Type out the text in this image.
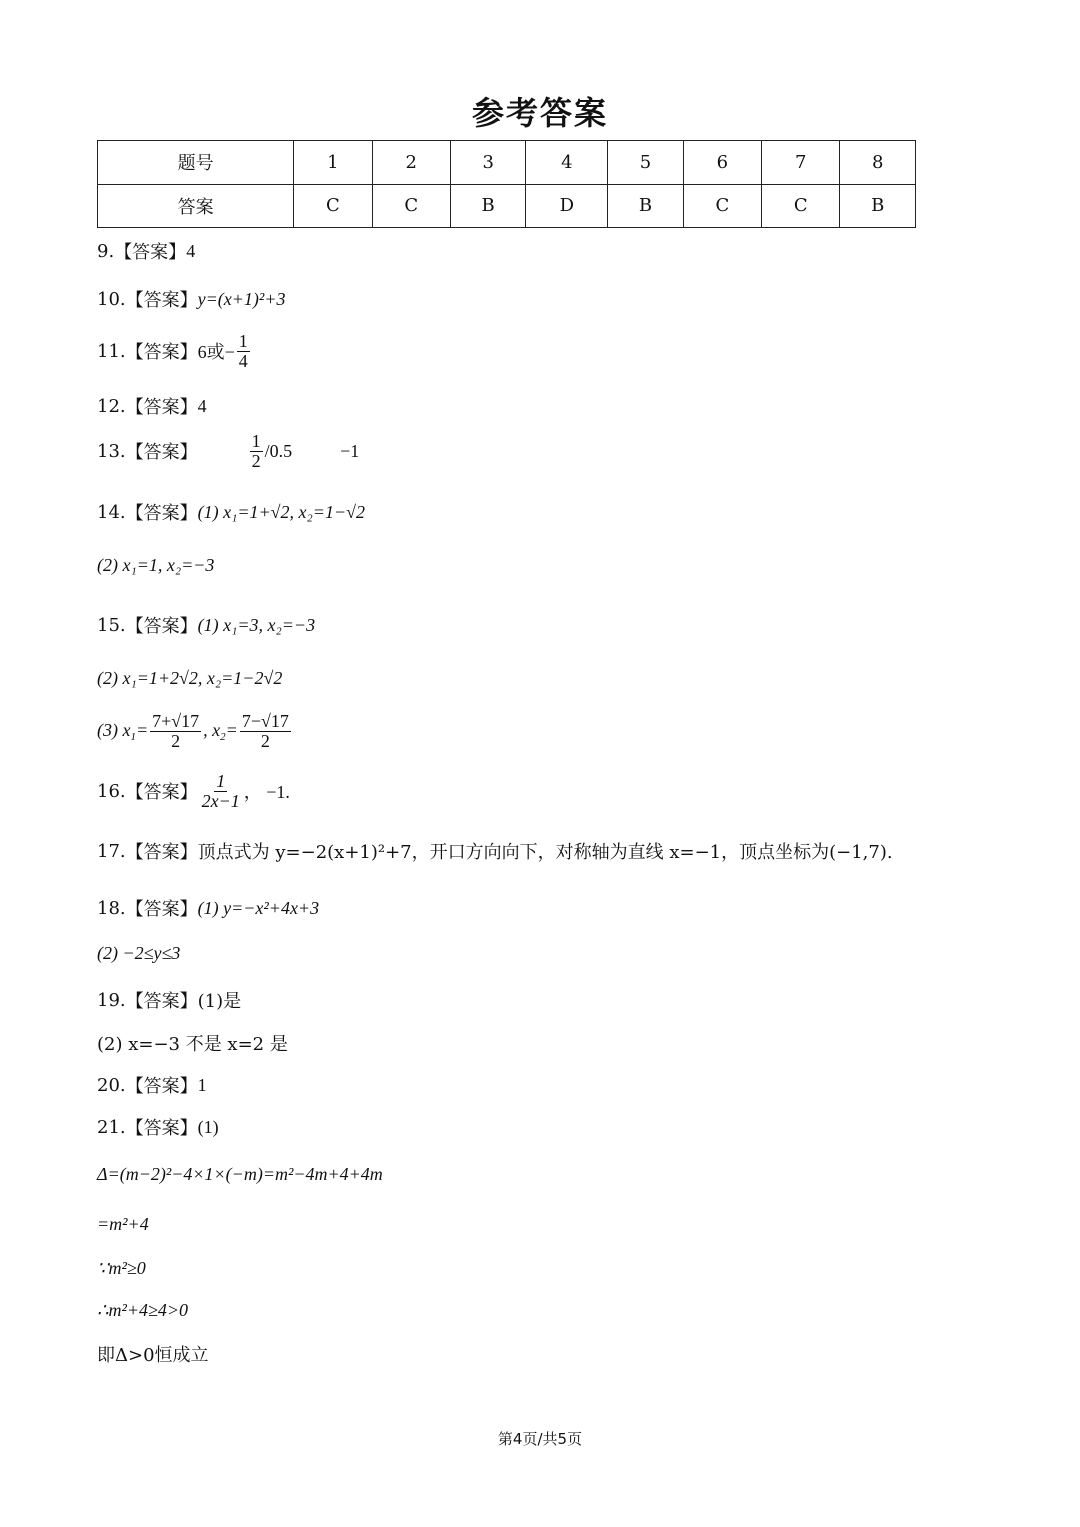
参考答案
题号	1	2	3	4	5	6	7	8
答案	C	C	B	D	B	C	C	B
9. 【答案】 4
10. 【答案】 y=(x+1)²+3
11. 【答案】 6或− $\frac{1}{4}$
12. 【答案】 4
13. 【答案】	$\frac{1}{2} /0.5$	−1
14. 【答案】 (1) x₁=1+√2, x₂=1−√2
(2) x₁=1, x₂=−3
15. 【答案】 (1) x₁=3, x₂=−3
(2) x₁=1+2√2, x₂=1−2√2
(3) $x_1= \frac{7+√17}{2}$ , $x_2= \frac{7-√17}{2}$
16. 【答案】 $\frac{1}{2x-1}$ ， −1.
17. 【答案】 顶点式为 y=−2(x+1)²+7，开口方向向下，对称轴为直线 x=−1，顶点坐标为(−1,7).
18. 【答案】 (1) y=−x²+4x+3
(2) −2≤y≤3
19. 【答案】 (1)是
(2) x=−3 不是 x=2 是
20. 【答案】 1
21. 【答案】 (1)
Δ=(m−2)²−4×1×(−m)=m²−4m+4+4m
=m²+4
∵m²≥0
∴m²+4≥4>0
即Δ>0恒成立
第4页/共5页
